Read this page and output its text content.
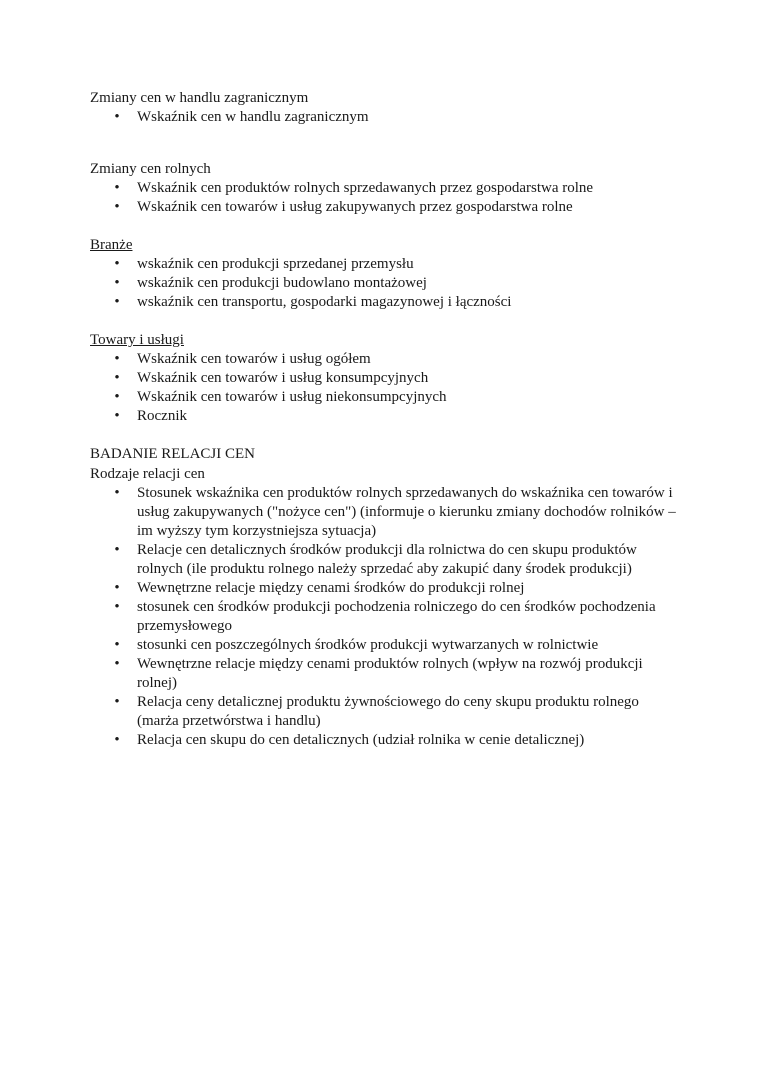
Zmiany cen w handlu zagranicznym

• Wskaźnik cen w handlu zagranicznym

Zmiany cen rolnych

• Wskaźnik cen produktów rolnych sprzedawanych przez gospodarstwa rolne
• Wskaźnik cen towarów i usług zakupywanych przez gospodarstwa rolne

Branże

• wskaźnik cen produkcji sprzedanej przemysłu
• wskaźnik cen produkcji budowlano montażowej
• wskaźnik cen transportu, gospodarki magazynowej i łączności

Towary i usługi

• Wskaźnik cen towarów i usług ogółem
• Wskaźnik cen towarów i usług konsumpcyjnych
• Wskaźnik cen towarów i usług niekonsumpcyjnych
• Rocznik

BADANIE RELACJI CEN

Rodzaje relacji cen

• Stosunek wskaźnika cen produktów rolnych sprzedawanych do wskaźnika cen towarów i usług zakupywanych ("nożyce cen") (informuje o kierunku zmiany dochodów rolników – im wyższy tym korzystniejsza sytuacja)
• Relacje cen detalicznych środków produkcji dla rolnictwa do cen skupu produktów rolnych (ile produktu rolnego należy sprzedać aby zakupić dany środek produkcji)
• Wewnętrzne relacje między cenami środków do produkcji rolnej
• stosunek cen środków produkcji pochodzenia rolniczego do cen środków pochodzenia przemysłowego
• stosunki cen poszczególnych środków produkcji wytwarzanych w rolnictwie
• Wewnętrzne relacje między cenami produktów rolnych (wpływ na rozwój produkcji rolnej)
• Relacja ceny detalicznej produktu żywnościowego do ceny skupu produktu rolnego (marża przetwórstwa i handlu)
• Relacja cen skupu do cen detalicznych (udział rolnika w cenie detalicznej)
